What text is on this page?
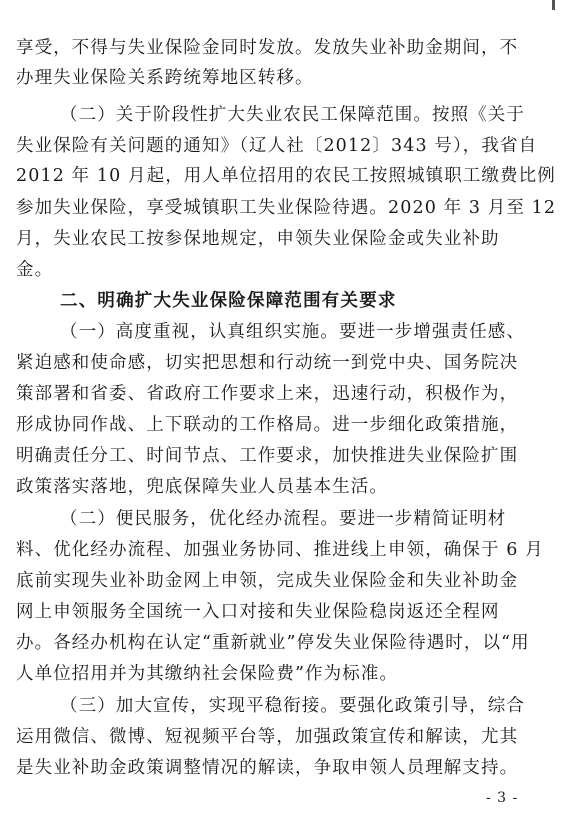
享受，不得与失业保险金同时发放。发放失业补助金期间，不
办理失业保险关系跨统筹地区转移。
（二）关于阶段性扩大失业农民工保障范围。按照《关于
失业保险有关问题的通知》（辽人社〔2012〕343 号），我省自
2012 年 10 月起，用人单位招用的农民工按照城镇职工缴费比例
参加失业保险，享受城镇职工失业保险待遇。2020 年 3 月至 12
月，失业农民工按参保地规定，申领失业保险金或失业补助
金。
二、明确扩大失业保险保障范围有关要求
（一）高度重视，认真组织实施。要进一步增强责任感、
紧迫感和使命感，切实把思想和行动统一到党中央、国务院决
策部署和省委、省政府工作要求上来，迅速行动，积极作为，
形成协同作战、上下联动的工作格局。进一步细化政策措施，
明确责任分工、时间节点、工作要求，加快推进失业保险扩围
政策落实落地，兜底保障失业人员基本生活。
（二）便民服务，优化经办流程。要进一步精简证明材
料、优化经办流程、加强业务协同、推进线上申领，确保于 6 月
底前实现失业补助金网上申领，完成失业保险金和失业补助金
网上申领服务全国统一入口对接和失业保险稳岗返还全程网
办。各经办机构在认定“重新就业”停发失业保险待遇时，以“用
人单位招用并为其缴纳社会保险费”作为标准。
（三）加大宣传，实现平稳衔接。要强化政策引导，综合
运用微信、微博、短视频平台等，加强政策宣传和解读，尤其
是失业补助金政策调整情况的解读，争取申领人员理解支持。
- 3 -
